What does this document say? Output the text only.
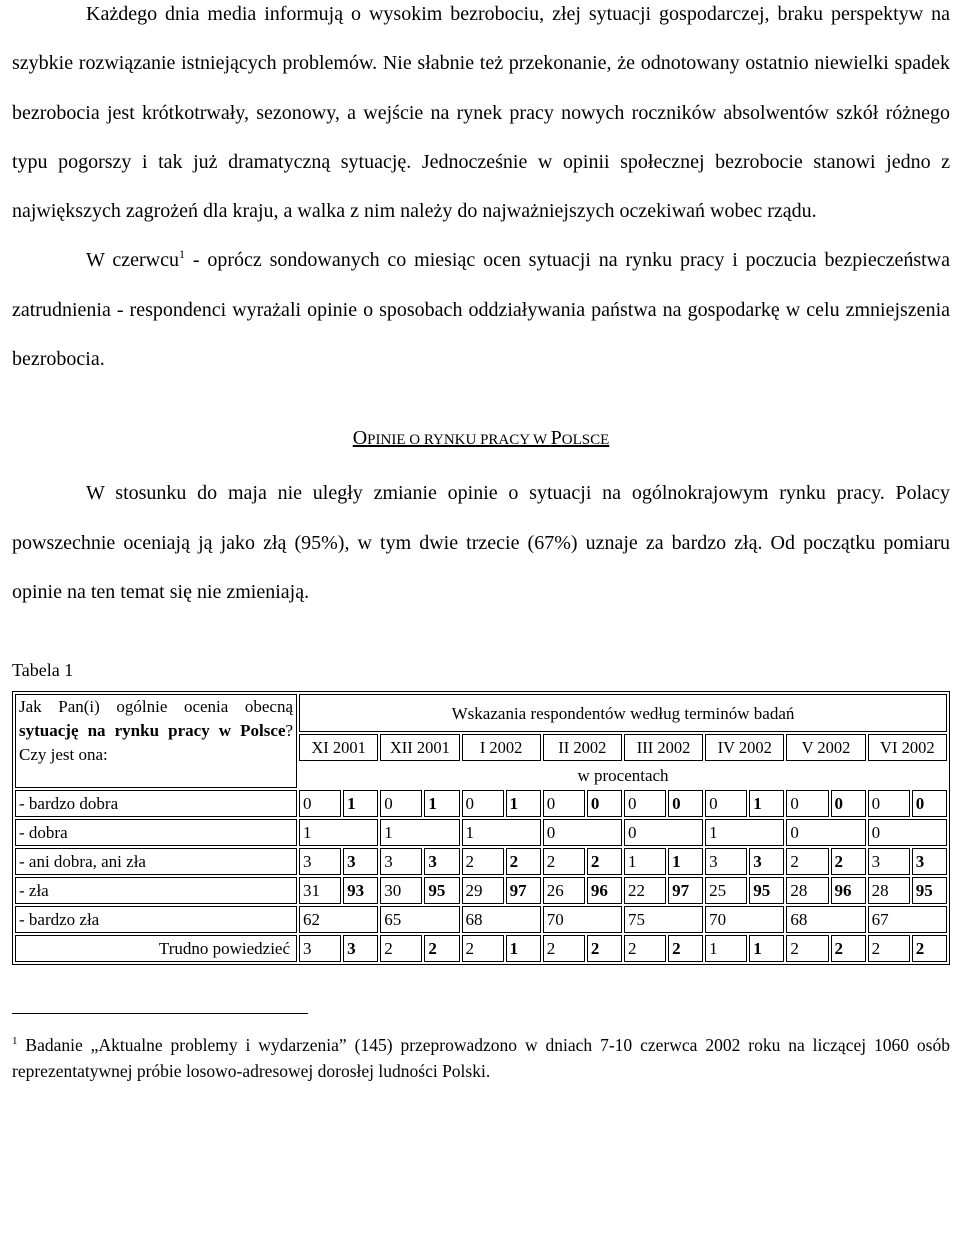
Każdego dnia media informują o wysokim bezrobociu, złej sytuacji gospodarczej, braku perspektyw na szybkie rozwiązanie istniejących problemów. Nie słabnie też przekonanie, że odnotowany ostatnio niewielki spadek bezrobocia jest krótkotrwały, sezonowy, a wejście na rynek pracy nowych roczników absolwentów szkół różnego typu pogorszy i tak już dramatyczną sytuację. Jednocześnie w opinii społecznej bezrobocie stanowi jedno z największych zagrożeń dla kraju, a walka z nim należy do najważniejszych oczekiwań wobec rządu.

W czerwcu$^1$ - oprócz sondowanych co miesiąc ocen sytuacji na rynku pracy i poczucia bezpieczeństwa zatrudnienia - respondenci wyrażali opinie o sposobach oddziaływania państwa na gospodarkę w celu zmniejszenia bezrobocia.

OPINIE O RYNKU PRACY W POLSCE

W stosunku do maja nie uległy zmianie opinie o sytuacji na ogólnokrajowym rynku pracy. Polacy powszechnie oceniają ją jako złą (95%), w tym dwie trzecie (67%) uznaje za bardzo złą. Od początku pomiaru opinie na ten temat się nie zmieniają.

Tabela 1
Jak Pan(i) ogólnie ocenia obecną sytuację na rynku pracy w Polsce? Czy jest ona:	Wskazania respondentów według terminów badań															
	XI 2001		XII 2001		I 2002		II 2002		III 2002		IV 2002		V 2002		VI 2002	
	w procentach															
- bardzo dobra	0	1	0	1	0	1	0	0	0	0	0	1	0	0	0	0
- dobra	1		1		1		0		0		1		0		0	
- ani dobra, ani zła	3	3	3	3	2	2	2	2	1	1	3	3	2	2	3	3
- zła	31	93	30	95	29	97	26	96	22	97	25	95	28	96	28	95
- bardzo zła	62		65		68		70		75		70		68		67	
Trudno powiedzieć	3	3	2	2	2	1	2	2	2	2	1	1	2	2	2	2
$^1$ Badanie „Aktualne problemy i wydarzenia” (145) przeprowadzono w dniach 7-10 czerwca 2002 roku na liczącej 1060 osób reprezentatywnej próbie losowo-adresowej dorosłej ludności Polski.
